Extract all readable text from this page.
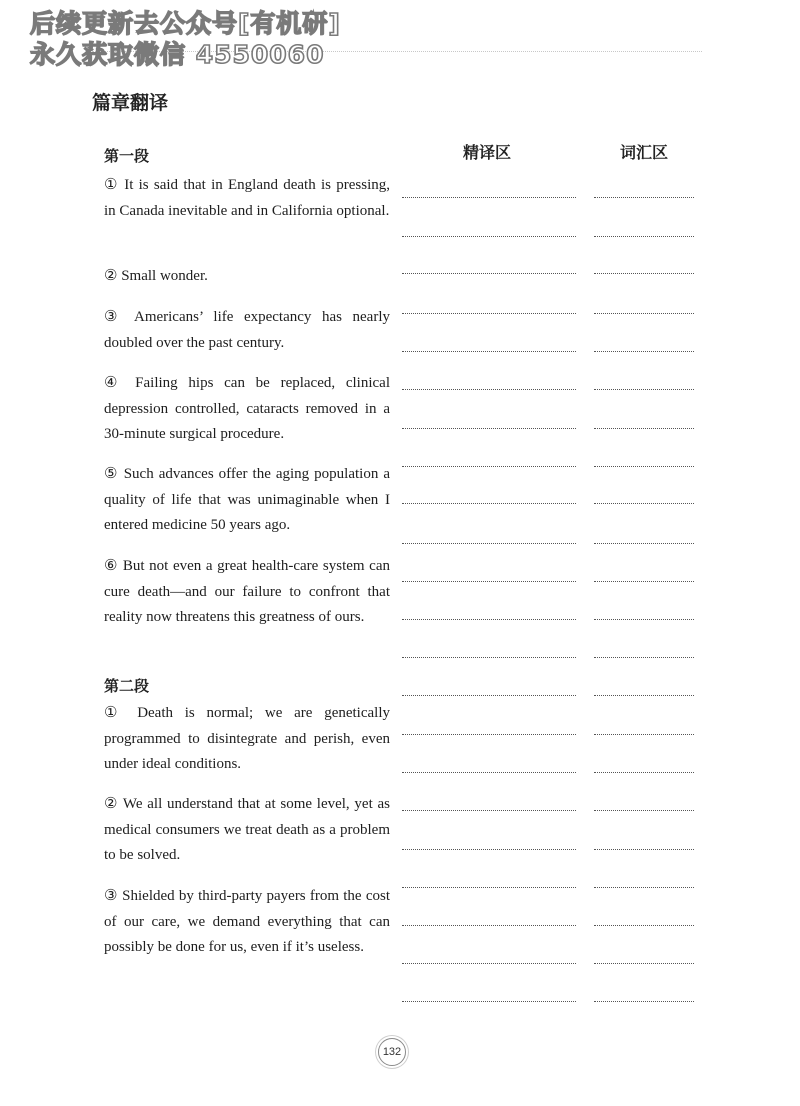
后续更新去公众号[有机研]
永久获取微信 4550060
篇章翻译
精译区	词汇区
第一段
① It is said that in England death is pressing, in Canada inevitable and in California optional.
② Small wonder.
③ Americans’ life expectancy has nearly doubled over the past century.
④ Failing hips can be replaced, clinical depression controlled, cataracts removed in a 30-minute surgical procedure.
⑤ Such advances offer the aging population a quality of life that was unimaginable when I entered medicine 50 years ago.
⑥ But not even a great health-care system can cure death—and our failure to confront that reality now threatens this greatness of ours.
第二段
① Death is normal; we are genetically programmed to disintegrate and perish, even under ideal conditions.
② We all understand that at some level, yet as medical consumers we treat death as a problem to be solved.
③ Shielded by third-party payers from the cost of our care, we demand everything that can possibly be done for us, even if it’s useless.
132
